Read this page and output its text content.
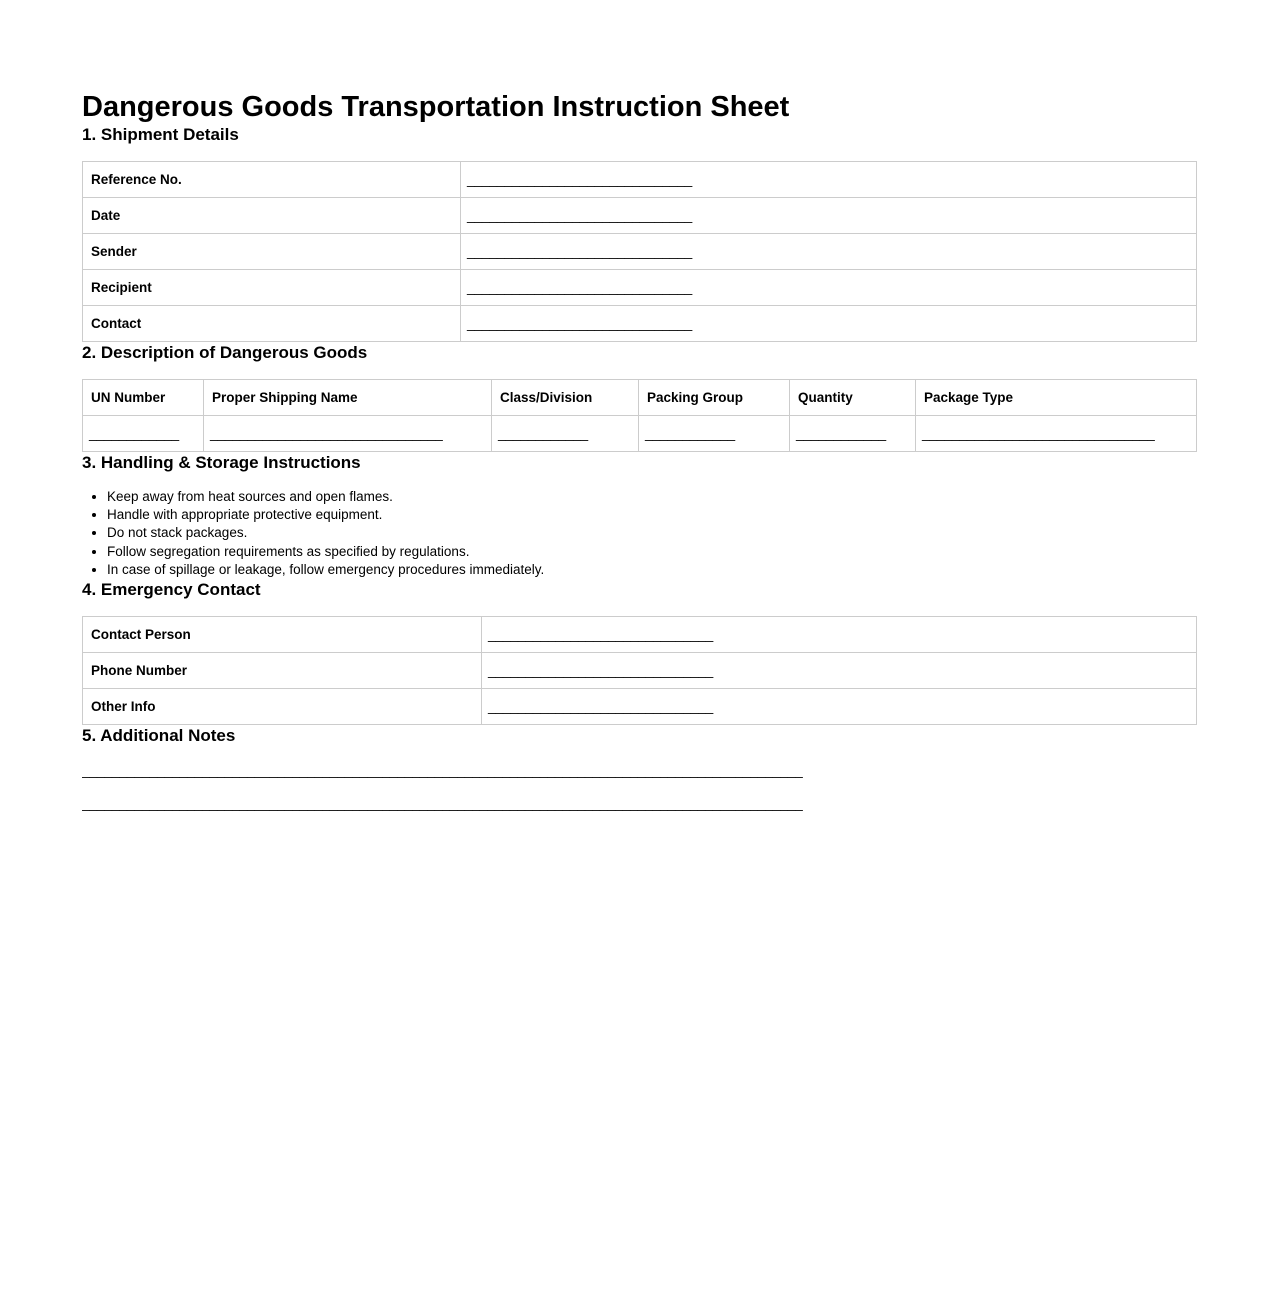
Dangerous Goods Transportation Instruction Sheet
1. Shipment Details
Reference No.	______________________________
Date	______________________________
Sender	______________________________
Recipient	______________________________
Contact	______________________________
2. Description of Dangerous Goods
UN Number	Proper Shipping Name	Class/Division	Packing Group	Quantity	Package Type
____________	_______________________________	____________	____________	____________	_______________________________
3. Handling & Storage Instructions
• Keep away from heat sources and open flames.
• Handle with appropriate protective equipment.
• Do not stack packages.
• Follow segregation requirements as specified by regulations.
• In case of spillage or leakage, follow emergency procedures immediately.
4. Emergency Contact
Contact Person	______________________________
Phone Number	______________________________
Other Info	______________________________
5. Additional Notes

________________________________________________________________________________________________

________________________________________________________________________________________________
